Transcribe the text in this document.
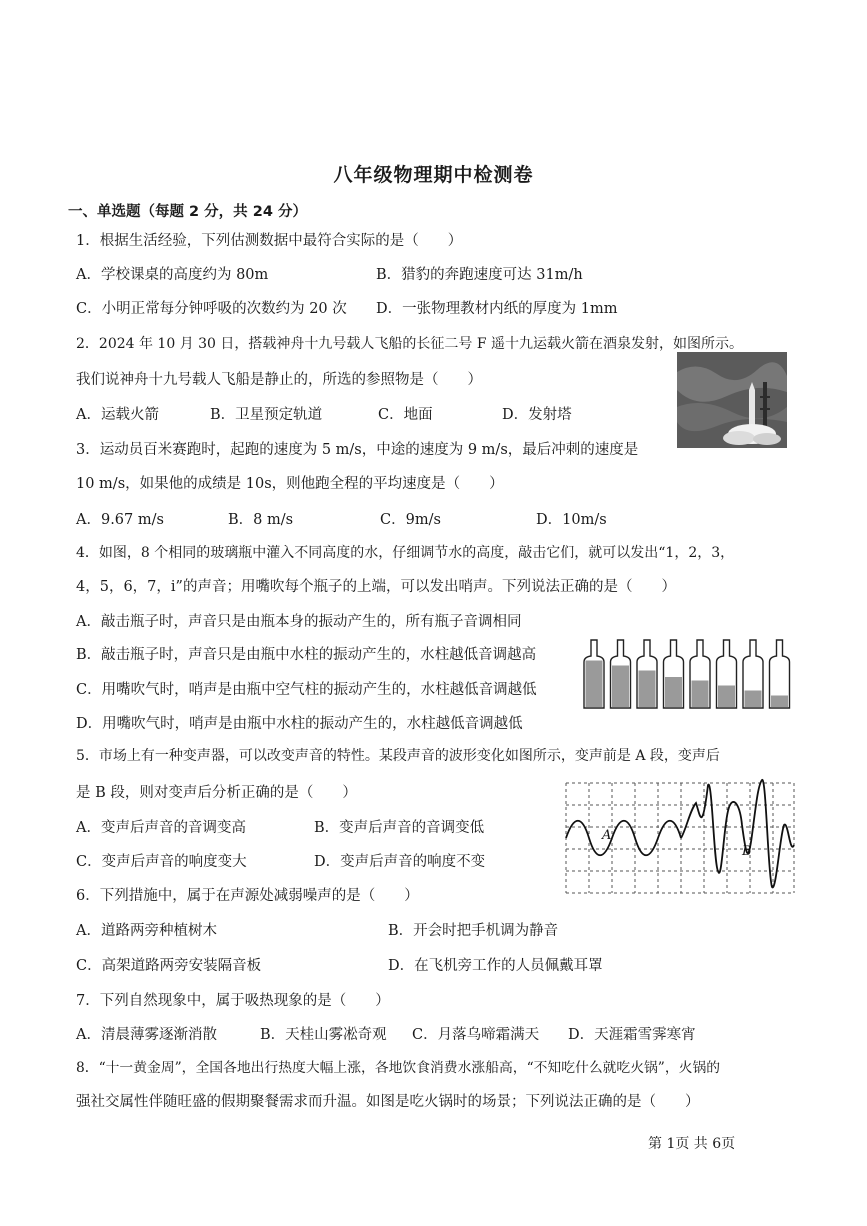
八年级物理期中检测卷
一、单选题（每题 2 分，共 24 分）
1．根据生活经验，下列估测数据中最符合实际的是（　　）
A．学校课桌的高度约为 80m	B．猎豹的奔跑速度可达 31m/h
C．小明正常每分钟呼吸的次数约为 20 次 D．一张物理教材内纸的厚度为 1mm
2．2024 年 10 月 30 日，搭载神舟十九号载人飞船的长征二号 F 遥十九运载火箭在酒泉发射，如图所示。
我们说神舟十九号载人飞船是静止的，所选的参照物是（　　）
A．运载火箭	B．卫星预定轨道	C．地面	D．发射塔
3．运动员百米赛跑时，起跑的速度为 5 m/s，中途的速度为 9 m/s，最后冲刺的速度是
10 m/s，如果他的成绩是 10s，则他跑全程的平均速度是（　　）
A．9.67 m/s	B．8 m/s	C．9m/s	D．10m/s
4．如图，8 个相同的玻璃瓶中灌入不同高度的水，仔细调节水的高度，敲击它们，就可以发出“1，2，3，
4，5，6，7，i”的声音；用嘴吹每个瓶子的上端，可以发出哨声。下列说法正确的是（　　）
A．敲击瓶子时，声音只是由瓶本身的振动产生的，所有瓶子音调相同
B．敲击瓶子时，声音只是由瓶中水柱的振动产生的，水柱越低音调越高
C．用嘴吹气时，哨声是由瓶中空气柱的振动产生的，水柱越低音调越低
D．用嘴吹气时，哨声是由瓶中水柱的振动产生的，水柱越低音调越低
5．市场上有一种变声器，可以改变声音的特性。某段声音的波形变化如图所示，变声前是 A 段，变声后
是 B 段，则对变声后分析正确的是（　　）
A．变声后声音的音调变高	B．变声后声音的音调变低
C．变声后声音的响度变大	D．变声后声音的响度不变
A
B
6．下列措施中，属于在声源处减弱噪声的是（　　）
A．道路两旁种植树木	B．开会时把手机调为静音
C．高架道路两旁安装隔音板	D．在飞机旁工作的人员佩戴耳罩
7．下列自然现象中，属于吸热现象的是（　　）
A．清晨薄雾逐渐消散	B．天桂山雾凇奇观 C．月落乌啼霜满天 D．天涯霜雪霁寒宵
8．“十一黄金周”，全国各地出行热度大幅上涨，各地饮食消费水涨船高，“不知吃什么就吃火锅”，火锅的
强社交属性伴随旺盛的假期聚餐需求而升温。如图是吃火锅时的场景；下列说法正确的是（　　）
第 1页 共 6页
